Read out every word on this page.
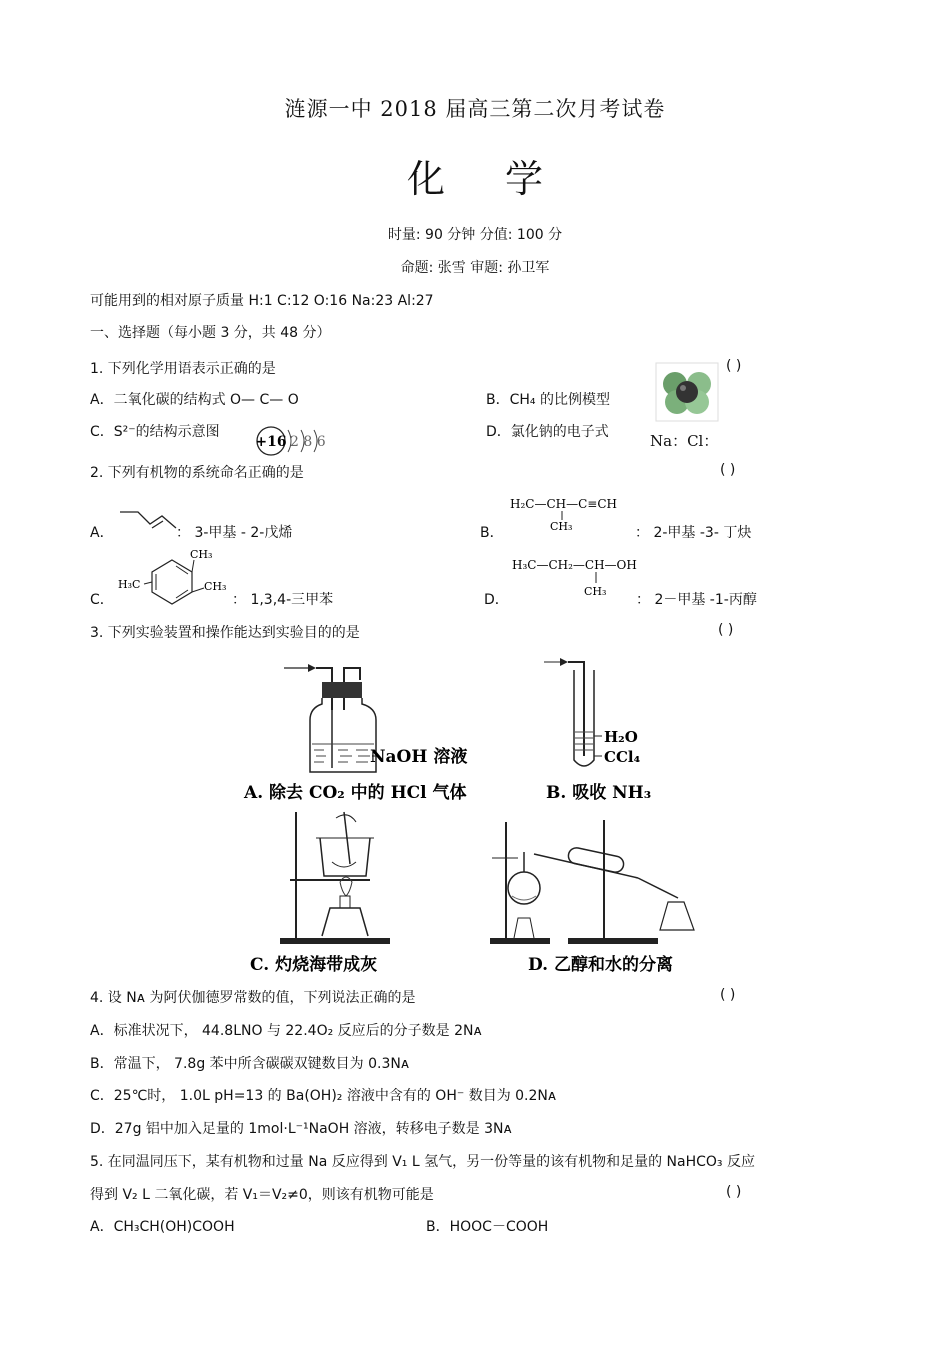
涟源一中 2018 届高三第二次月考试卷
化学
时量: 90 分钟 分值: 100 分
命题: 张雪 审题: 孙卫军
可能用到的相对原子质量 H:1 C:12 O:16 Na:23 Al:27
一、选择题（每小题 3 分，共 48 分）
1. 下列化学用语表示正确的是	( )
A．二氧化碳的结构式 O— C— O	B．CH₄ 的比例模型
C．S²⁻的结构示意图
+16 2 8 6
D．氯化钠的电子式	Na：Cl：
2. 下列有机物的系统命名正确的是	( )
A．	： 3-甲基 - 2-戊烯	B．
H₂C—CH—C≡CH
CH₃	： 2-甲基 -3- 丁炔
C．
CH₃
H₃C	CH₃
： 1,3,4-三甲苯	D．
H₃C—CH₂—CH—OH
CH₃
： 2－甲基 -1-丙醇
3. 下列实验装置和操作能达到实验目的的是	( )
NaOH 溶液
A. 除去 CO₂ 中的 HCl 气体
H₂O
CCl₄
B. 吸收 NH₃
C. 灼烧海带成灰	D. 乙醇和水的分离
4. 设 Nᴀ 为阿伏伽德罗常数的值，下列说法正确的是	( )
A．标准状况下， 44.8LNO 与 22.4O₂ 反应后的分子数是 2Nᴀ
B．常温下， 7.8g 苯中所含碳碳双键数目为 0.3Nᴀ
C．25℃时， 1.0L pH=13 的 Ba(OH)₂ 溶液中含有的 OH⁻ 数目为 0.2Nᴀ
D．27g 铝中加入足量的 1mol·L⁻¹NaOH 溶液，转移电子数是 3Nᴀ
5. 在同温同压下，某有机物和过量 Na 反应得到 V₁ L 氢气，另一份等量的该有机物和足量的 NaHCO₃ 反应
得到 V₂ L 二氧化碳，若 V₁＝V₂≠0，则该有机物可能是	( )
A．CH₃CH(OH)COOH	B．HOOC－COOH
